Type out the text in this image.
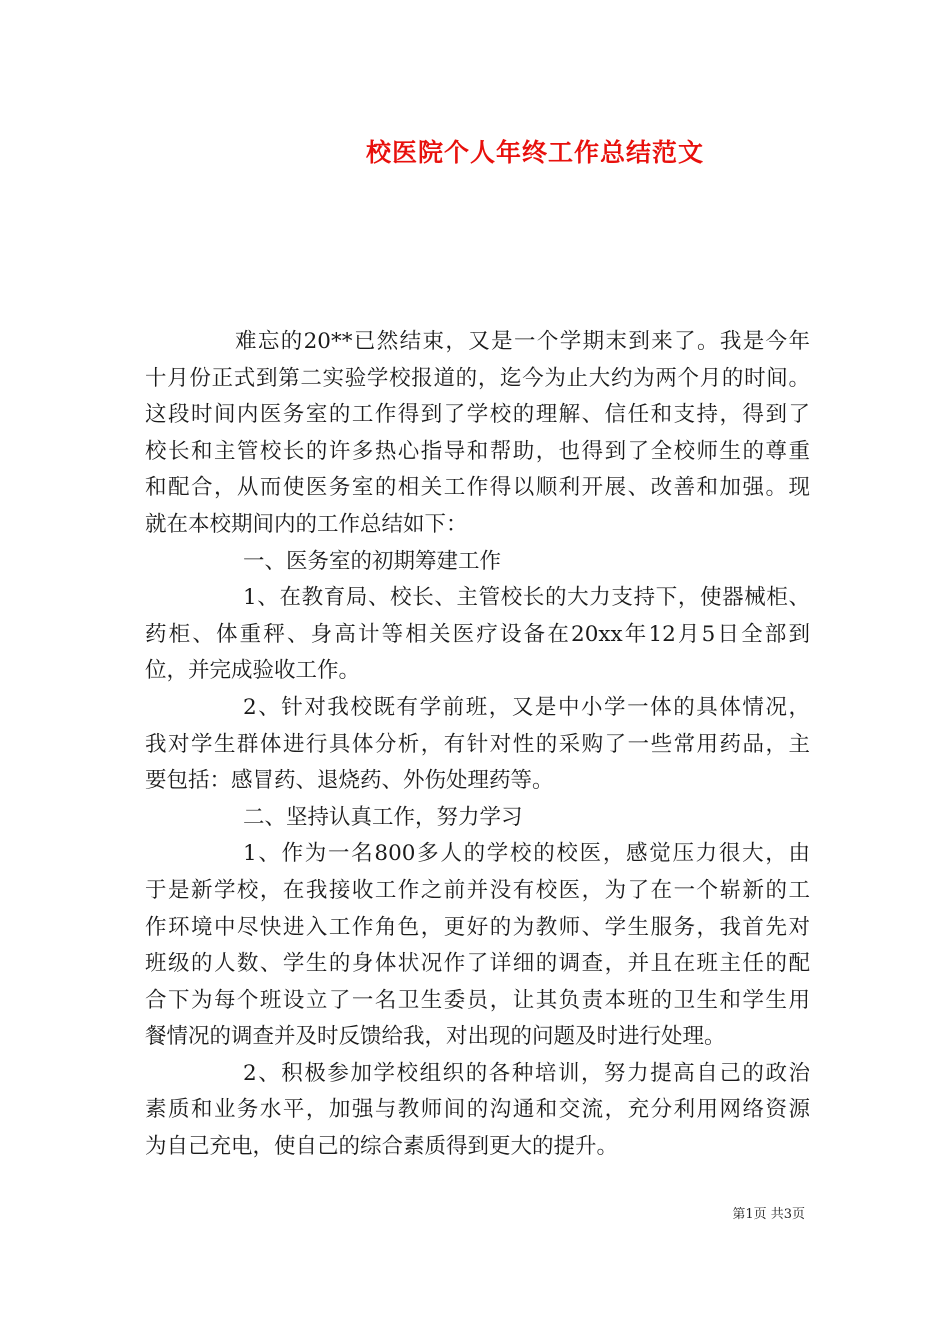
校医院个人年终工作总结范文
难忘的20**已然结束，又是一个学期末到来了。我是今年
十月份正式到第二实验学校报道的，迄今为止大约为两个月的时间。
这段时间内医务室的工作得到了学校的理解、信任和支持，得到了
校长和主管校长的许多热心指导和帮助，也得到了全校师生的尊重
和配合，从而使医务室的相关工作得以顺利开展、改善和加强。现
就在本校期间内的工作总结如下：
一、医务室的初期筹建工作
1、在教育局、校长、主管校长的大力支持下，使器械柜、
药柜、体重秤、身高计等相关医疗设备在20xx年12月5日全部到
位，并完成验收工作。
2、针对我校既有学前班，又是中小学一体的具体情况，
我对学生群体进行具体分析，有针对性的采购了一些常用药品，主
要包括：感冒药、退烧药、外伤处理药等。
二、坚持认真工作，努力学习
1、作为一名800多人的学校的校医，感觉压力很大，由
于是新学校，在我接收工作之前并没有校医，为了在一个崭新的工
作环境中尽快进入工作角色，更好的为教师、学生服务，我首先对
班级的人数、学生的身体状况作了详细的调查，并且在班主任的配
合下为每个班设立了一名卫生委员，让其负责本班的卫生和学生用
餐情况的调查并及时反馈给我，对出现的问题及时进行处理。
2、积极参加学校组织的各种培训，努力提高自己的政治
素质和业务水平，加强与教师间的沟通和交流，充分利用网络资源
为自己充电，使自己的综合素质得到更大的提升。
第1页 共3页
